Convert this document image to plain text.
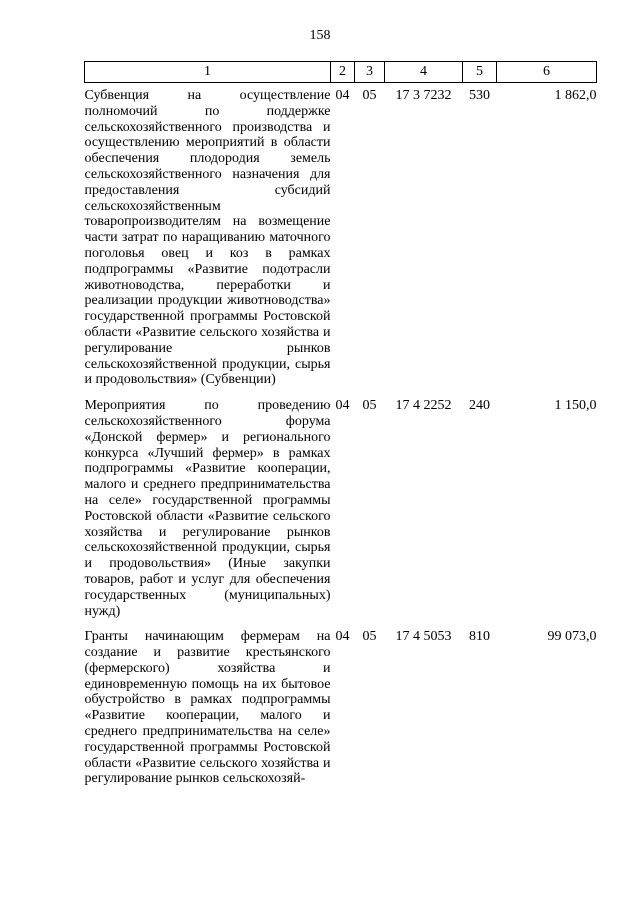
158
1	2	3	4	5	6
Субвенция на осуществление полномочий по поддержке сельскохозяйственного производства и осуществлению мероприятий в области обеспечения плодородия земель сельскохозяйственного назначения для предоставления субсидий сельскохозяйственным товаропроизводителям на возмещение части затрат по наращиванию маточного поголовья овец и коз в рамках подпрограммы «Развитие подотрасли животноводства, переработки и реализации продукции животноводства» государственной программы Ростовской области «Развитие сельского хозяйства и регулирование рынков сельскохозяйственной продукции, сырья и продовольствия» (Субвенции)	04	05	17 3 7232	530	1 862,0
Мероприятия по проведению сельскохозяйственного форума «Донской фермер» и регионального конкурса «Лучший фермер» в рамках подпрограммы «Развитие кооперации, малого и среднего предпринимательства на селе» государственной программы Ростовской области «Развитие сельского хозяйства и регулирование рынков сельскохозяйственной продукции, сырья и продовольствия» (Иные закупки товаров, работ и услуг для обеспечения государственных (муниципальных) нужд)	04	05	17 4 2252	240	1 150,0
Гранты начинающим фермерам на создание и развитие крестьянского (фермерского) хозяйства и единовременную помощь на их бытовое обустройство в рамках подпрограммы «Развитие кооперации, малого и среднего предпринимательства на селе» государственной программы Ростовской области «Развитие сельского хозяйства и регулирование рынков сельскохозяй-	04	05	17 4 5053	810	99 073,0
